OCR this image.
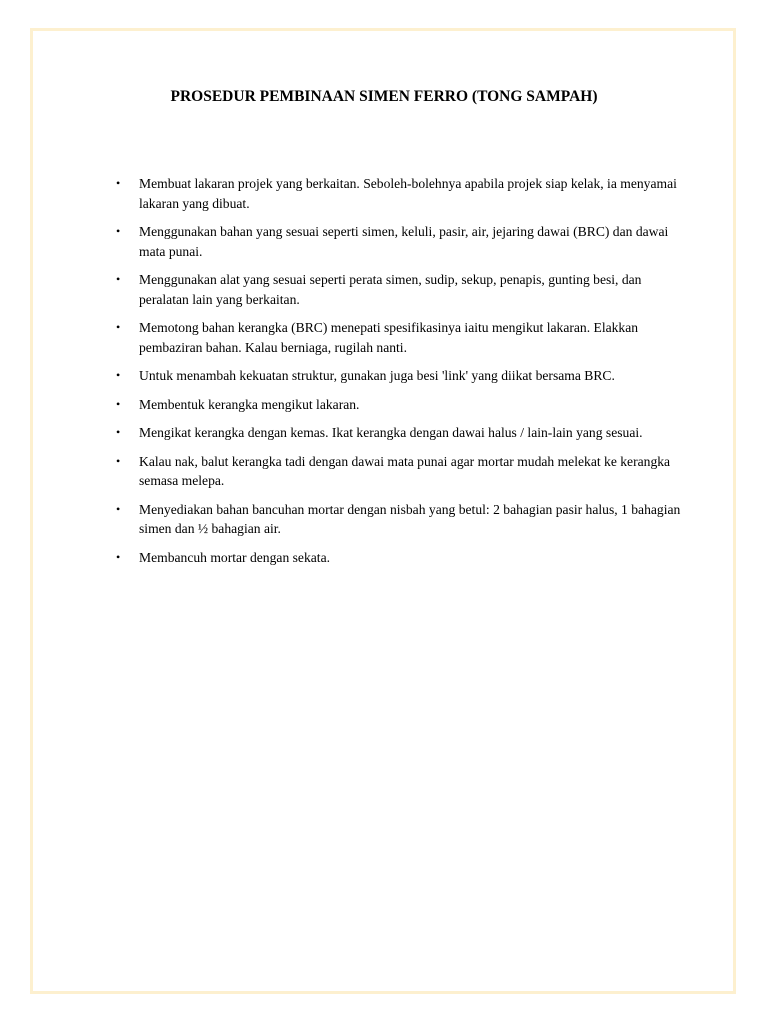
PROSEDUR PEMBINAAN SIMEN FERRO (TONG SAMPAH)
• Membuat lakaran projek yang berkaitan. Seboleh-bolehnya apabila projek siap kelak, ia menyamai lakaran yang dibuat.
• Menggunakan bahan yang sesuai seperti simen, keluli, pasir, air, jejaring dawai (BRC) dan dawai mata punai.
• Menggunakan alat yang sesuai seperti perata simen, sudip, sekup, penapis, gunting besi, dan peralatan lain yang berkaitan.
• Memotong bahan kerangka (BRC) menepati spesifikasinya iaitu mengikut lakaran. Elakkan pembaziran bahan. Kalau berniaga, rugilah nanti.
• Untuk menambah kekuatan struktur, gunakan juga besi 'link' yang diikat bersama BRC.
• Membentuk kerangka mengikut lakaran.
• Mengikat kerangka dengan kemas. Ikat kerangka dengan dawai halus / lain-lain yang sesuai.
• Kalau nak, balut kerangka tadi dengan dawai mata punai agar mortar mudah melekat ke kerangka semasa melepa.
• Menyediakan bahan bancuhan mortar dengan nisbah yang betul: 2 bahagian pasir halus, 1 bahagian simen dan ½ bahagian air.
• Membancuh mortar dengan sekata.
